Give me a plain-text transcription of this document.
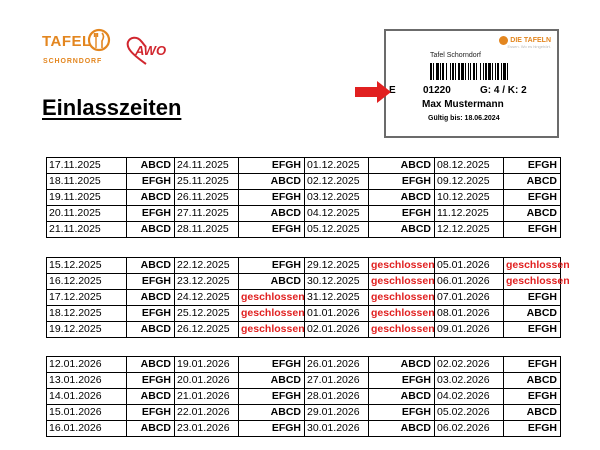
TAFEL
SCHORNDORF
AWO
DIE TAFELN
Essen. Wo es hingehört.
Tafel Schorndorf
E	01220	G: 4 / K: 2
Max Mustermann
Gültig bis: 18.06.2024
Einlasszeiten
17.11.2025	ABCD	24.11.2025	EFGH	01.12.2025	ABCD	08.12.2025	EFGH
18.11.2025	EFGH	25.11.2025	ABCD	02.12.2025	EFGH	09.12.2025	ABCD
19.11.2025	ABCD	26.11.2025	EFGH	03.12.2025	ABCD	10.12.2025	EFGH
20.11.2025	EFGH	27.11.2025	ABCD	04.12.2025	EFGH	11.12.2025	ABCD
21.11.2025	ABCD	28.11.2025	EFGH	05.12.2025	ABCD	12.12.2025	EFGH
15.12.2025	ABCD	22.12.2025	EFGH	29.12.2025	geschlossen	05.01.2026	geschlossen
16.12.2025	EFGH	23.12.2025	ABCD	30.12.2025	geschlossen	06.01.2026	geschlossen
17.12.2025	ABCD	24.12.2025	geschlossen	31.12.2025	geschlossen	07.01.2026	EFGH
18.12.2025	EFGH	25.12.2025	geschlossen	01.01.2026	geschlossen	08.01.2026	ABCD
19.12.2025	ABCD	26.12.2025	geschlossen	02.01.2026	geschlossen	09.01.2026	EFGH
12.01.2026	ABCD	19.01.2026	EFGH	26.01.2026	ABCD	02.02.2026	EFGH
13.01.2026	EFGH	20.01.2026	ABCD	27.01.2026	EFGH	03.02.2026	ABCD
14.01.2026	ABCD	21.01.2026	EFGH	28.01.2026	ABCD	04.02.2026	EFGH
15.01.2026	EFGH	22.01.2026	ABCD	29.01.2026	EFGH	05.02.2026	ABCD
16.01.2026	ABCD	23.01.2026	EFGH	30.01.2026	ABCD	06.02.2026	EFGH
